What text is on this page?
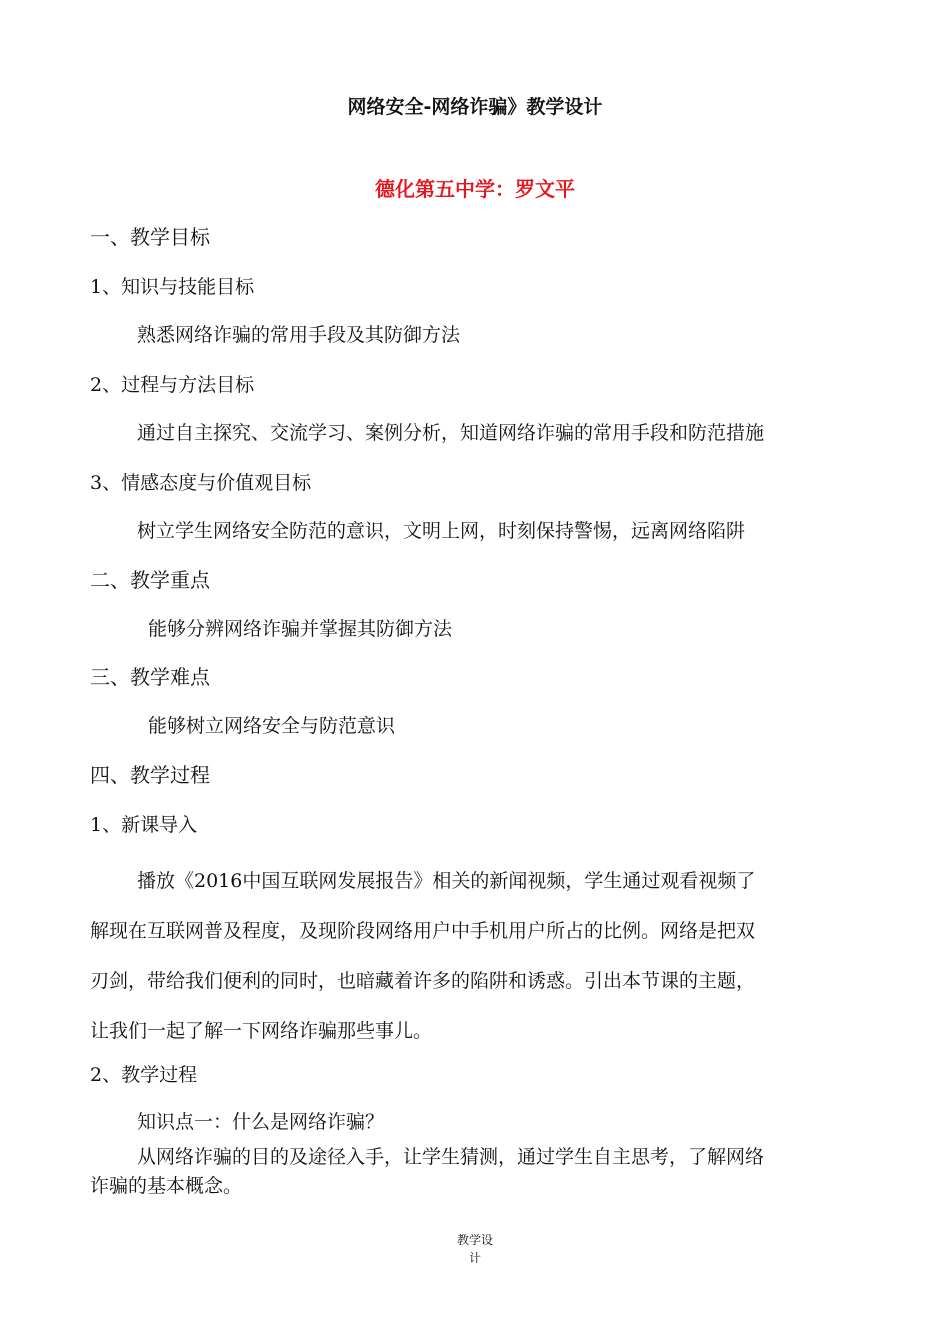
网络安全-网络诈骗》教学设计
德化第五中学：罗文平
一、教学目标
1、知识与技能目标
熟悉网络诈骗的常用手段及其防御方法
2、过程与方法目标
通过自主探究、交流学习、案例分析，知道网络诈骗的常用手段和防范措施
3、情感态度与价值观目标
树立学生网络安全防范的意识，文明上网，时刻保持警惕，远离网络陷阱
二、教学重点
能够分辨网络诈骗并掌握其防御方法
三、教学难点
能够树立网络安全与防范意识
四、教学过程
1、新课导入
播放《2016中国互联网发展报告》相关的新闻视频，学生通过观看视频了
解现在互联网普及程度，及现阶段网络用户中手机用户所占的比例。网络是把双
刃剑，带给我们便利的同时，也暗藏着许多的陷阱和诱惑。引出本节课的主题，
让我们一起了解一下网络诈骗那些事儿。
2、教学过程
知识点一：什么是网络诈骗？
从网络诈骗的目的及途径入手，让学生猜测，通过学生自主思考，了解网络
诈骗的基本概念。
教学设
计
